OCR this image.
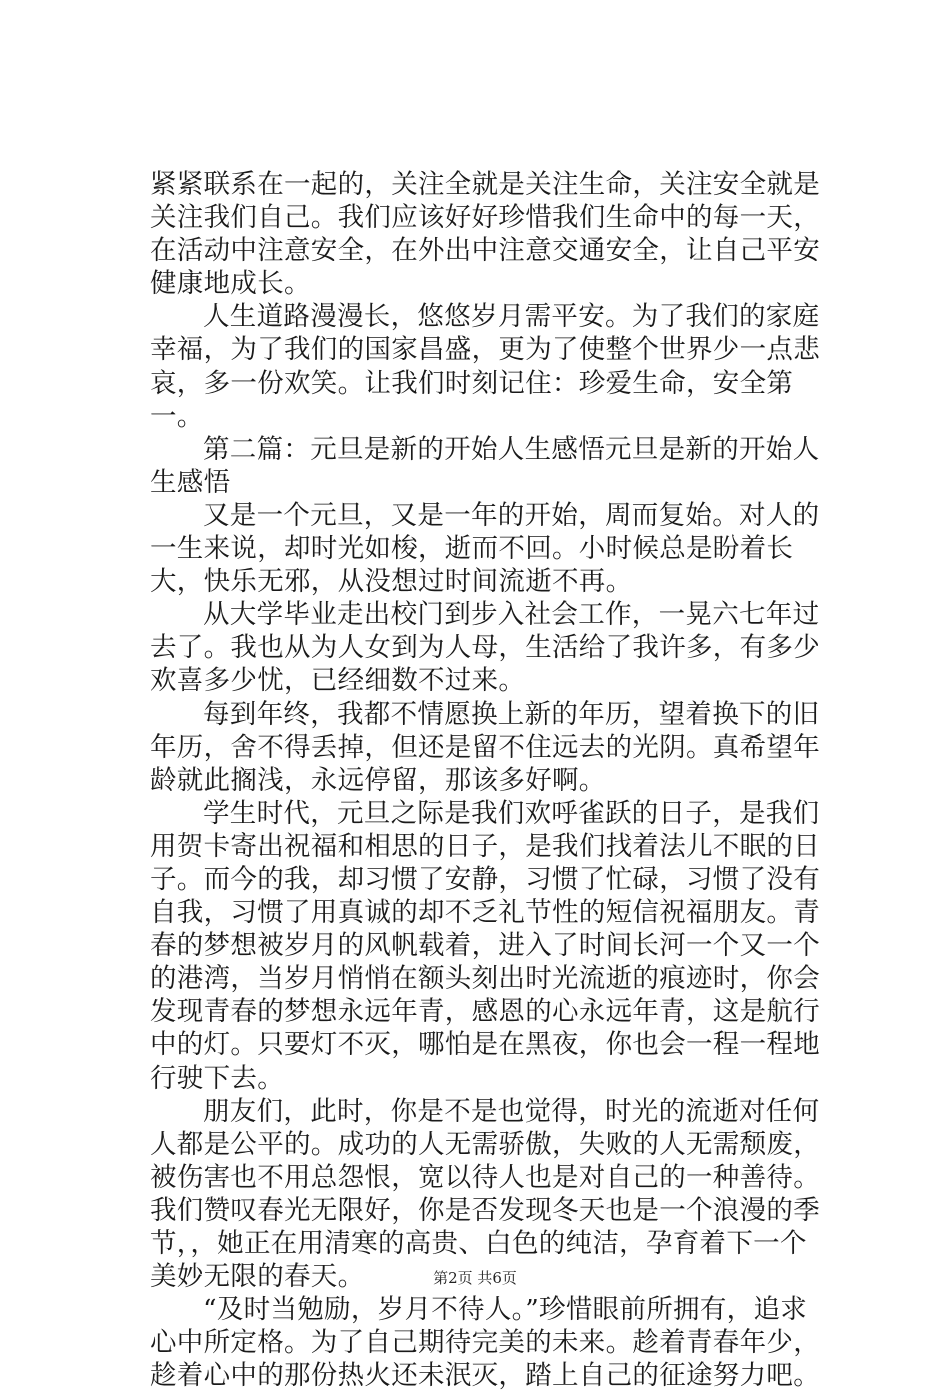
紧紧联系在一起的，关注全就是关注生命，关注安全就是关注我们自己。我们应该好好珍惜我们生命中的每一天，在活动中注意安全，在外出中注意交通安全，让自己平安健康地成长。

人生道路漫漫长，悠悠岁月需平安。为了我们的家庭幸福，为了我们的国家昌盛，更为了使整个世界少一点悲哀，多一份欢笑。让我们时刻记住：珍爱生命，安全第一。

第二篇：元旦是新的开始人生感悟元旦是新的开始人生感悟

又是一个元旦，又是一年的开始，周而复始。对人的一生来说，却时光如梭，逝而不回。小时候总是盼着长大，快乐无邪，从没想过时间流逝不再。

从大学毕业走出校门到步入社会工作，一晃六七年过去了。我也从为人女到为人母，生活给了我许多，有多少欢喜多少忧，已经细数不过来。

每到年终，我都不情愿换上新的年历，望着换下的旧年历，舍不得丢掉，但还是留不住远去的光阴。真希望年龄就此搁浅，永远停留，那该多好啊。

学生时代，元旦之际是我们欢呼雀跃的日子，是我们用贺卡寄出祝福和相思的日子，是我们找着法儿不眠的日子。而今的我，却习惯了安静，习惯了忙碌，习惯了没有自我，习惯了用真诚的却不乏礼节性的短信祝福朋友。青春的梦想被岁月的风帆载着，进入了时间长河一个又一个的港湾，当岁月悄悄在额头刻出时光流逝的痕迹时，你会发现青春的梦想永远年青，感恩的心永远年青，这是航行中的灯。只要灯不灭，哪怕是在黑夜，你也会一程一程地行驶下去。

朋友们，此时，你是不是也觉得，时光的流逝对任何人都是公平的。成功的人无需骄傲，失败的人无需颓废，被伤害也不用总怨恨，宽以待人也是对自己的一种善待。我们赞叹春光无限好，你是否发现冬天也是一个浪漫的季节，，她正在用清寒的高贵、白色的纯洁，孕育着下一个美妙无限的春天。

“及时当勉励，岁月不待人。”珍惜眼前所拥有，追求心中所定格。为了自己期待完美的未来。趁着青春年少，趁着心中的那份热火还未泯灭，踏上自己的征途努力吧。

第2页 共6页
